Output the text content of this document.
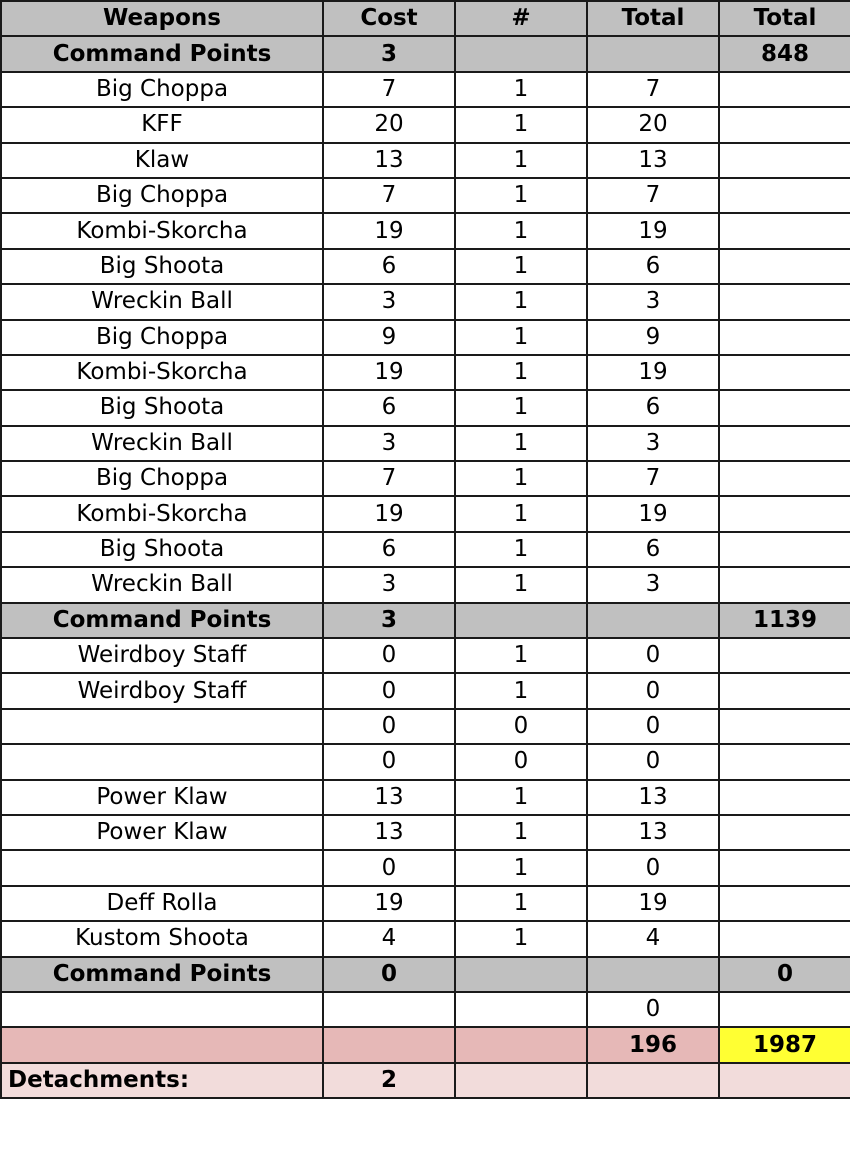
Weapons	Cost	#	Total	Total
Command Points	3			848
Big Choppa	7	1	7	
KFF	20	1	20	
Klaw	13	1	13	
Big Choppa	7	1	7	
Kombi-Skorcha	19	1	19	
Big Shoota	6	1	6	
Wreckin Ball	3	1	3	
Big Choppa	9	1	9	
Kombi-Skorcha	19	1	19	
Big Shoota	6	1	6	
Wreckin Ball	3	1	3	
Big Choppa	7	1	7	
Kombi-Skorcha	19	1	19	
Big Shoota	6	1	6	
Wreckin Ball	3	1	3	
Command Points	3			1139
Weirdboy Staff	0	1	0	
Weirdboy Staff	0	1	0	
	0	0	0	
	0	0	0	
Power Klaw	13	1	13	
Power Klaw	13	1	13	
	0	1	0	
Deff Rolla	19	1	19	
Kustom Shoota	4	1	4	
Command Points	0			0
			0	
			196	1987
Detachments:	2			
